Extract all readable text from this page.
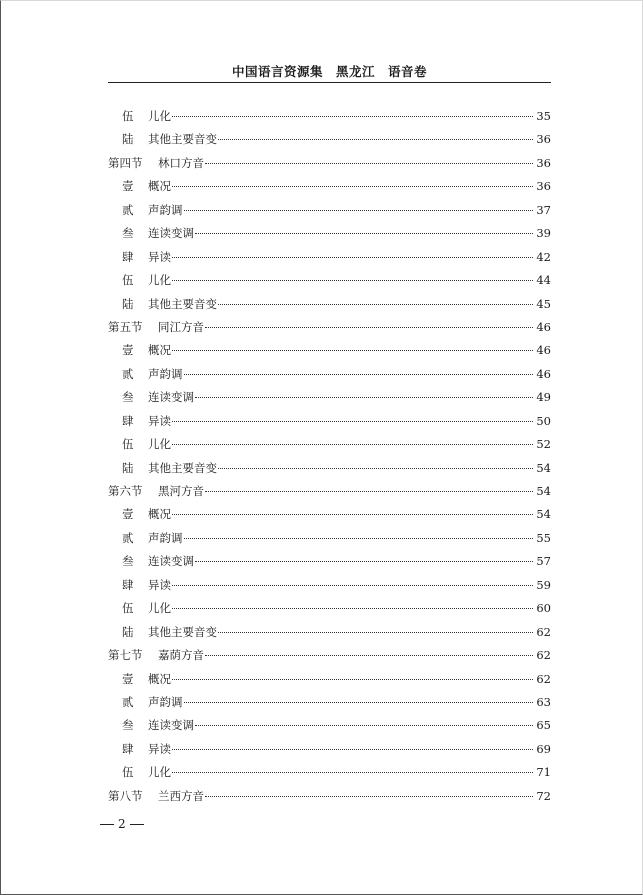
中国语言资源集　黑龙江　语音卷
伍	儿化	35
陆	其他主要音变	36
第四节	林口方音	36
壹	概况	36
贰	声韵调	37
叁	连读变调	39
肆	异读	42
伍	儿化	44
陆	其他主要音变	45
第五节	同江方音	46
壹	概况	46
贰	声韵调	46
叁	连读变调	49
肆	异读	50
伍	儿化	52
陆	其他主要音变	54
第六节	黑河方音	54
壹	概况	54
贰	声韵调	55
叁	连读变调	57
肆	异读	59
伍	儿化	60
陆	其他主要音变	62
第七节	嘉荫方音	62
壹	概况	62
贰	声韵调	63
叁	连读变调	65
肆	异读	69
伍	儿化	71
第八节	兰西方音	72
2
